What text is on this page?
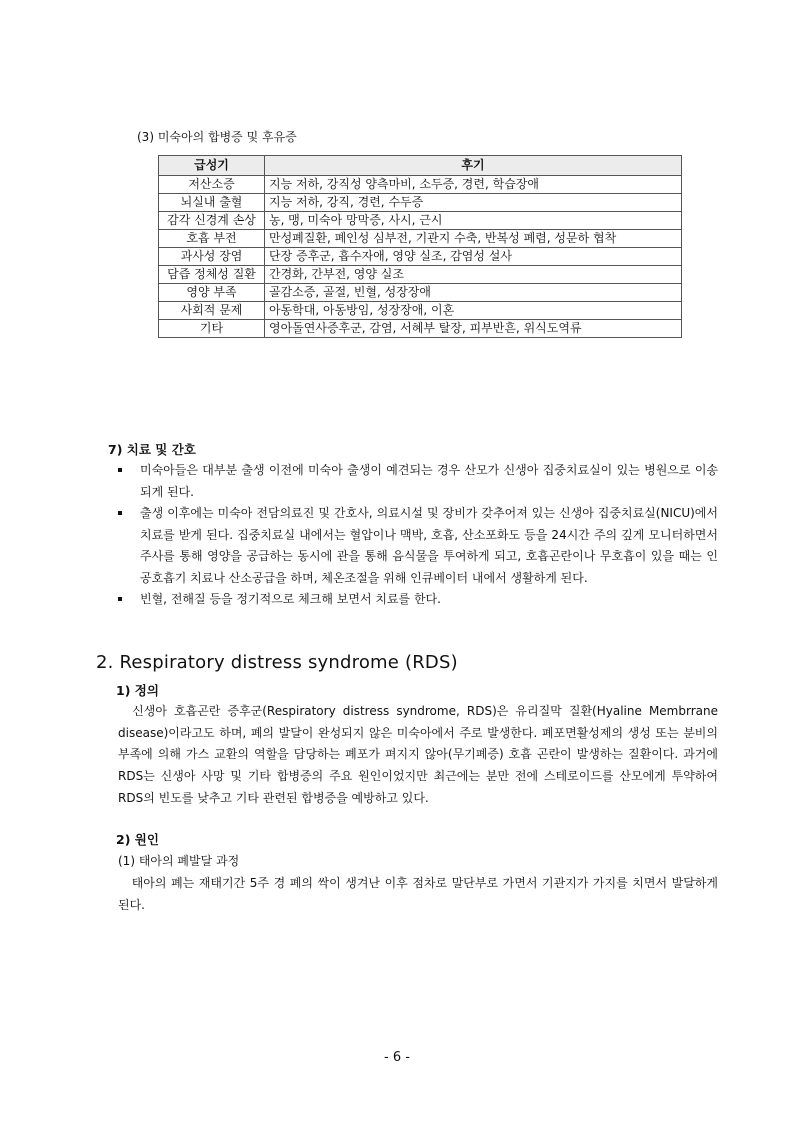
(3) 미숙아의 합병증 및 후유증
급성기	후기
저산소증	지능 저하, 강직성 양측마비, 소두증, 경련, 학습장애
뇌실내 출혈	지능 저하, 강직, 경련, 수두증
감각 신경계 손상	농, 맹, 미숙아 망막증, 사시, 근시
호흡 부전	만성폐질환, 폐인성 심부전, 기관지 수축, 반복성 폐렴, 성문하 협착
과사성 장염	단장 증후군, 흡수자애, 영양 실조, 감염성 설사
담즙 정체성 질환	간경화, 간부전, 영양 실조
영양 부족	골감소증, 골절, 빈혈, 성장장애
사회적 문제	아동학대, 아동방임, 성장장애, 이혼
기타	영아돌연사증후군, 감염, 서혜부 탈장, 피부반흔, 위식도역류
7) 치료 및 간호
미숙아들은 대부분 출생 이전에 미숙아 출생이 예견되는 경우 산모가 신생아 집중치료실이 있는 병원으로 이송되게 된다.
출생 이후에는 미숙아 전담의료진 및 간호사, 의료시설 및 장비가 갖추어져 있는 신생아 집중치료실(NICU)에서 치료를 받게 된다. 집중치료실 내에서는 혈압이나 맥박, 호흡, 산소포화도 등을 24시간 주의 깊게 모니터하면서 주사를 통해 영양을 공급하는 동시에 관을 통해 음식물을 투여하게 되고, 호흡곤란이나 무호흡이 있을 때는 인공호흡기 치료나 산소공급을 하며, 체온조절을 위해 인큐베이터 내에서 생활하게 된다.
빈혈, 전해질 등을 정기적으로 체크해 보면서 치료를 한다.
2. Respiratory distress syndrome (RDS)
1) 정의
신생아 호흡곤란 증후군(Respiratory distress syndrome, RDS)은 유리질막 질환(Hyaline Membrrane disease)이라고도 하며, 폐의 발달이 완성되지 않은 미숙아에서 주로 발생한다. 폐포면활성제의 생성 또는 분비의 부족에 의해 가스 교환의 역할을 담당하는 폐포가 펴지지 않아(무기폐증) 호흡 곤란이 발생하는 질환이다. 과거에 RDS는 신생아 사망 및 기타 합병증의 주요 원인이었지만 최근에는 분만 전에 스테로이드를 산모에게 투약하여 RDS의 빈도를 낮추고 기타 관련된 합병증을 예방하고 있다.
2) 원인
(1) 태아의 폐발달 과정
태아의 폐는 재태기간 5주 경 폐의 싹이 생겨난 이후 점차로 말단부로 가면서 기관지가 가지를 치면서 발달하게 된다.
- 6 -
